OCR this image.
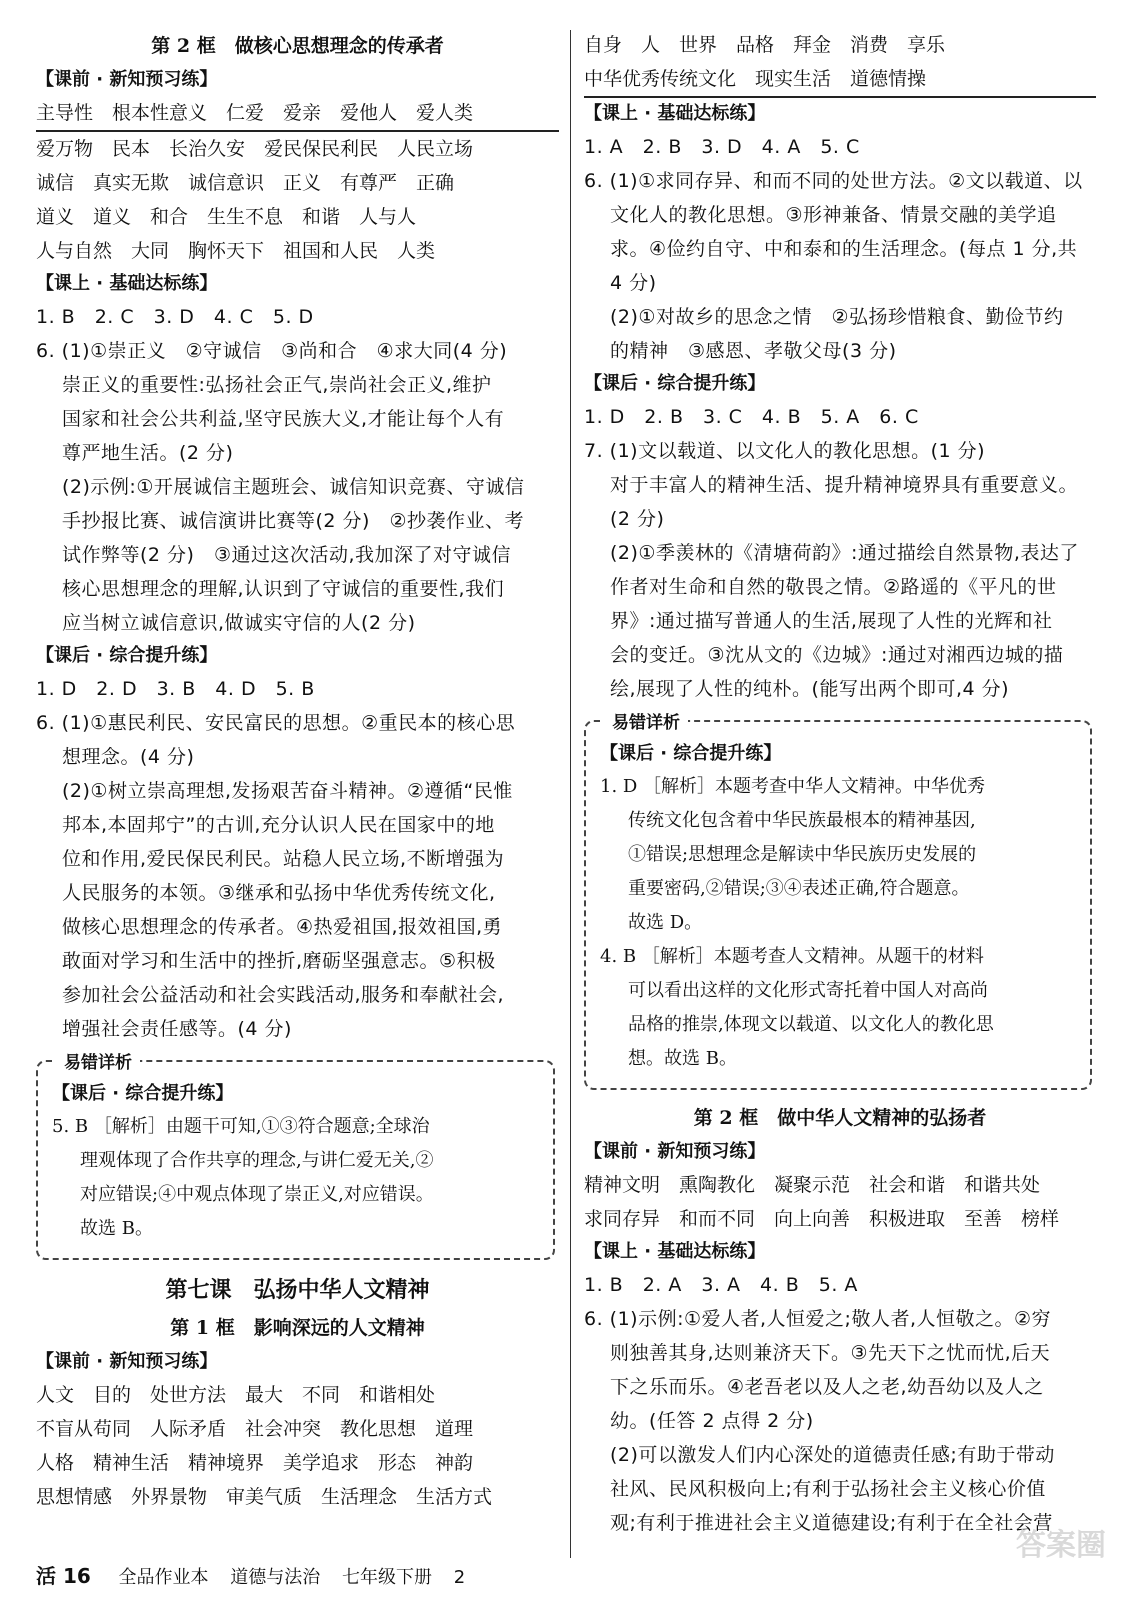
第 2 框　做核心思想理念的传承者
【课前 · 新知预习练】
主导性　根本性意义　仁爱　爱亲　爱他人　爱人类
爱万物　民本　长治久安　爱民保民利民　人民立场
诚信　真实无欺　诚信意识　正义　有尊严　正确
道义　道义　和合　生生不息　和谐　人与人
人与自然　大同　胸怀天下　祖国和人民　人类
【课上 · 基础达标练】
1. B　2. C　3. D　4. C　5. D
6. (1)①崇正义　②守诚信　③尚和合　④求大同(4 分)
崇正义的重要性:弘扬社会正气,崇尚社会正义,维护
国家和社会公共利益,坚守民族大义,才能让每个人有
尊严地生活。(2 分)
(2)示例:①开展诚信主题班会、诚信知识竞赛、守诚信
手抄报比赛、诚信演讲比赛等(2 分)　②抄袭作业、考
试作弊等(2 分)　③通过这次活动,我加深了对守诚信
核心思想理念的理解,认识到了守诚信的重要性,我们
应当树立诚信意识,做诚实守信的人(2 分)
【课后 · 综合提升练】
1. D　2. D　3. B　4. D　5. B
6. (1)①惠民利民、安民富民的思想。②重民本的核心思
想理念。(4 分)
(2)①树立崇高理想,发扬艰苦奋斗精神。②遵循“民惟
邦本,本固邦宁”的古训,充分认识人民在国家中的地
位和作用,爱民保民利民。站稳人民立场,不断增强为
人民服务的本领。③继承和弘扬中华优秀传统文化,
做核心思想理念的传承者。④热爱祖国,报效祖国,勇
敢面对学习和生活中的挫折,磨砺坚强意志。⑤积极
参加社会公益活动和社会实践活动,服务和奉献社会,
增强社会责任感等。(4 分)
易错详析
【课后 · 综合提升练】
5. B ［解析］由题干可知,①③符合题意;全球治
理观体现了合作共享的理念,与讲仁爱无关,②
对应错误;④中观点体现了崇正义,对应错误。
故选 B。
第七课　弘扬中华人文精神
第 1 框　影响深远的人文精神
【课前 · 新知预习练】
人文　目的　处世方法　最大　不同　和谐相处
不盲从苟同　人际矛盾　社会冲突　教化思想　道理
人格　精神生活　精神境界　美学追求　形态　神韵
思想情感　外界景物　审美气质　生活理念　生活方式
自身　人　世界　品格　拜金　消费　享乐
中华优秀传统文化　现实生活　道德情操
【课上 · 基础达标练】
1. A　2. B　3. D　4. A　5. C
6. (1)①求同存异、和而不同的处世方法。②文以载道、以
文化人的教化思想。③形神兼备、情景交融的美学追
求。④俭约自守、中和泰和的生活理念。(每点 1 分,共
4 分)
(2)①对故乡的思念之情　②弘扬珍惜粮食、勤俭节约
的精神　③感恩、孝敬父母(3 分)
【课后 · 综合提升练】
1. D　2. B　3. C　4. B　5. A　6. C
7. (1)文以载道、以文化人的教化思想。(1 分)
对于丰富人的精神生活、提升精神境界具有重要意义。
(2 分)
(2)①季羡林的《清塘荷韵》:通过描绘自然景物,表达了
作者对生命和自然的敬畏之情。②路遥的《平凡的世
界》:通过描写普通人的生活,展现了人性的光辉和社
会的变迁。③沈从文的《边城》:通过对湘西边城的描
绘,展现了人性的纯朴。(能写出两个即可,4 分)
易错详析
【课后 · 综合提升练】
1. D ［解析］本题考查中华人文精神。中华优秀
传统文化包含着中华民族最根本的精神基因,
①错误;思想理念是解读中华民族历史发展的
重要密码,②错误;③④表述正确,符合题意。
故选 D。
4. B ［解析］本题考查人文精神。从题干的材料
可以看出这样的文化形式寄托着中国人对高尚
品格的推崇,体现文以载道、以文化人的教化思
想。故选 B。
第 2 框　做中华人文精神的弘扬者
【课前 · 新知预习练】
精神文明　熏陶教化　凝聚示范　社会和谐　和谐共处
求同存异　和而不同　向上向善　积极进取　至善　榜样
【课上 · 基础达标练】
1. B　2. A　3. A　4. B　5. A
6. (1)示例:①爱人者,人恒爱之;敬人者,人恒敬之。②穷
则独善其身,达则兼济天下。③先天下之忧而忧,后天
下之乐而乐。④老吾老以及人之老,幼吾幼以及人之
幼。(任答 2 点得 2 分)
(2)可以激发人们内心深处的道德责任感;有助于带动
社风、民风积极向上;有利于弘扬社会主义核心价值
观;有利于推进社会主义道德建设;有利于在全社会营
活 16 全品作业本 道德与法治 七年级下册 2
答案圈
